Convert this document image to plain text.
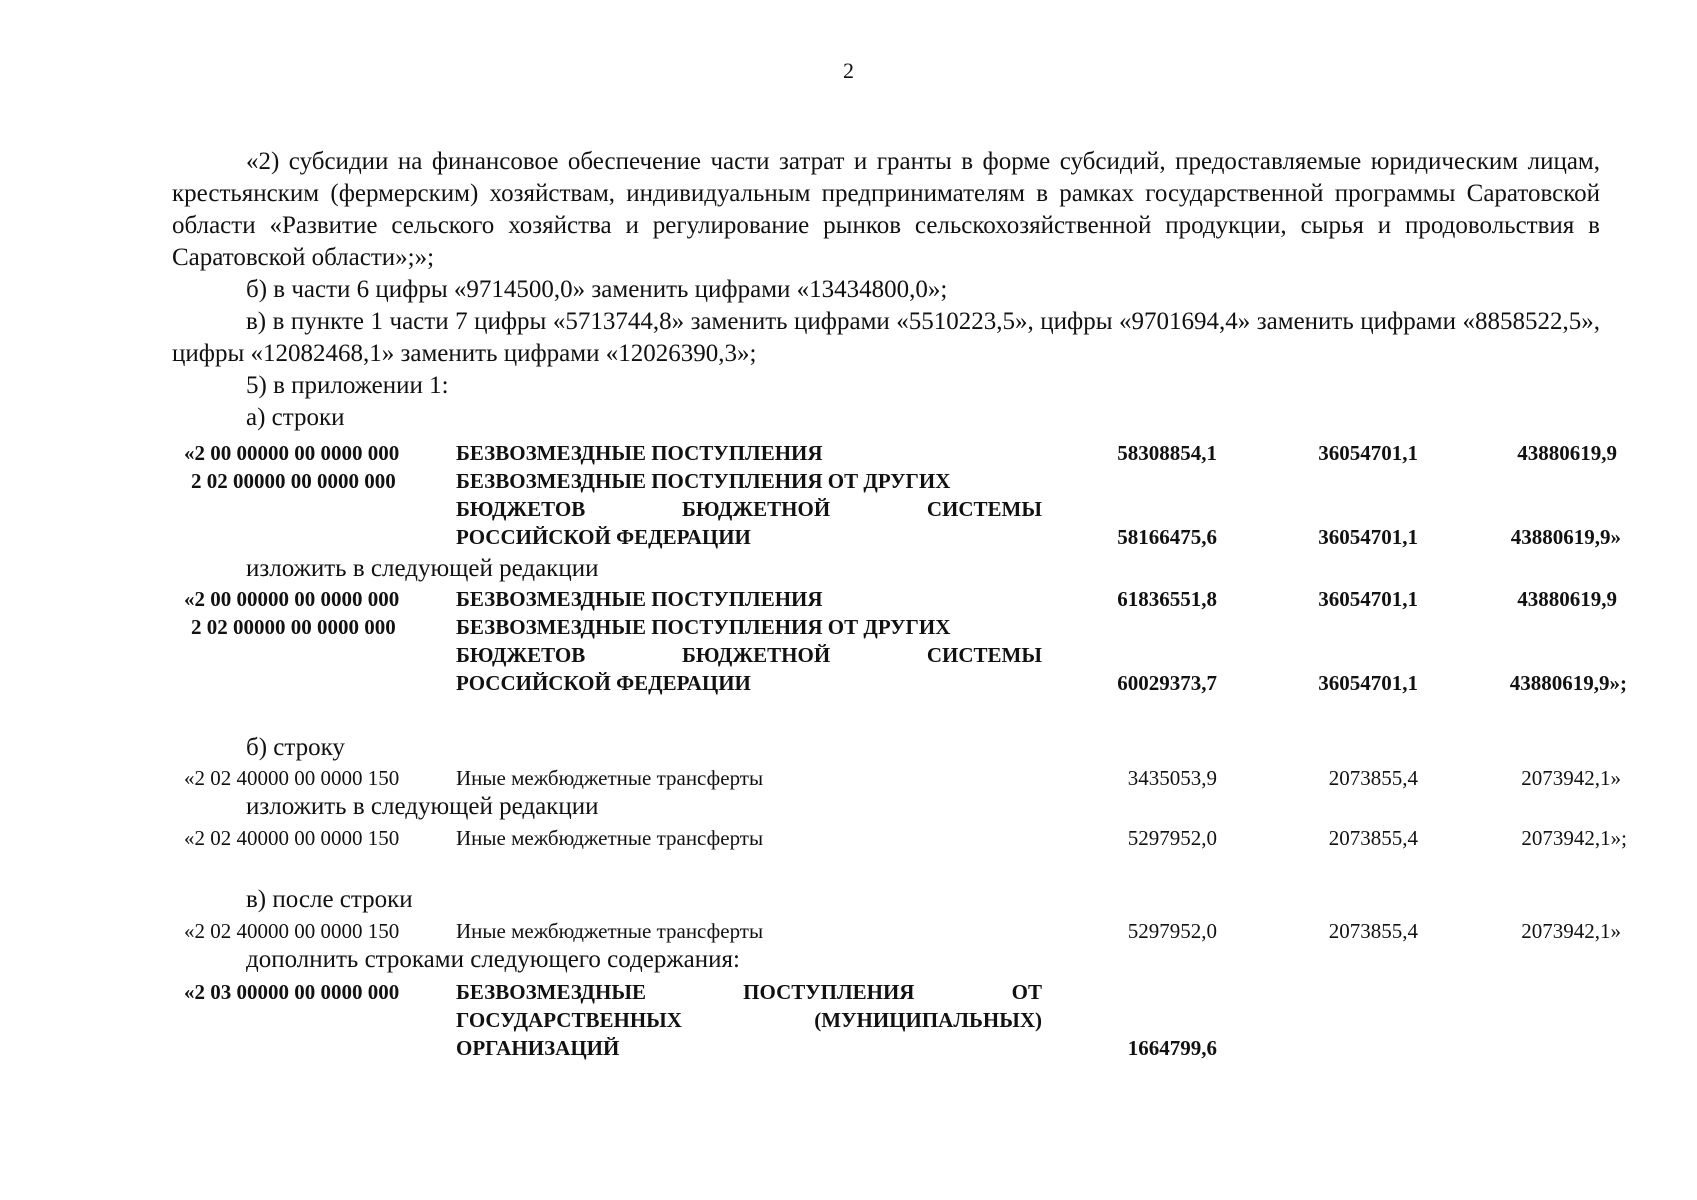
2
«2) субсидии на финансовое обеспечение части затрат и гранты в форме субсидий, предоставляемые юридическим лицам, крестьянским (фермерским) хозяйствам, индивидуальным предпринимателям в рамках государственной программы Саратовской области «Развитие сельского хозяйства и регулирование рынков сельскохозяйственной продукции, сырья и продовольствия в Саратовской области»;»;
б) в части 6 цифры «9714500,0» заменить цифрами «13434800,0»;
в) в пункте 1 части 7 цифры «5713744,8» заменить цифрами «5510223,5», цифры «9701694,4» заменить цифрами «8858522,5», цифры «12082468,1» заменить цифрами «12026390,3»;
5) в приложении 1:
а) строки
«2 00 00000 00 0000 000	БЕЗВОЗМЕЗДНЫЕ ПОСТУПЛЕНИЯ	58308854,1	36054701,1	43880619,9
2 02 00000 00 0000 000	БЕЗВОЗМЕЗДНЫЕ ПОСТУПЛЕНИЯ ОТ ДРУГИХ
БЮДЖЕТОВ	БЮДЖЕТНОЙ	СИСТЕМЫ
РОССИЙСКОЙ ФЕДЕРАЦИИ	58166475,6	36054701,1	43880619,9»
изложить в следующей редакции
«2 00 00000 00 0000 000	БЕЗВОЗМЕЗДНЫЕ ПОСТУПЛЕНИЯ	61836551,8	36054701,1	43880619,9
2 02 00000 00 0000 000	БЕЗВОЗМЕЗДНЫЕ ПОСТУПЛЕНИЯ ОТ ДРУГИХ
БЮДЖЕТОВ	БЮДЖЕТНОЙ	СИСТЕМЫ
РОССИЙСКОЙ ФЕДЕРАЦИИ	60029373,7	36054701,1	43880619,9»;
б) строку
«2 02 40000 00 0000 150	Иные межбюджетные трансферты	3435053,9	2073855,4	2073942,1»
изложить в следующей редакции
«2 02 40000 00 0000 150	Иные межбюджетные трансферты	5297952,0	2073855,4	2073942,1»;
в) после строки
«2 02 40000 00 0000 150	Иные межбюджетные трансферты	5297952,0	2073855,4	2073942,1»
дополнить строками следующего содержания:
«2 03 00000 00 0000 000	БЕЗВОЗМЕЗДНЫЕ	ПОСТУПЛЕНИЯ	ОТ
ГОСУДАРСТВЕННЫХ	(МУНИЦИПАЛЬНЫХ)
ОРГАНИЗАЦИЙ	1664799,6
